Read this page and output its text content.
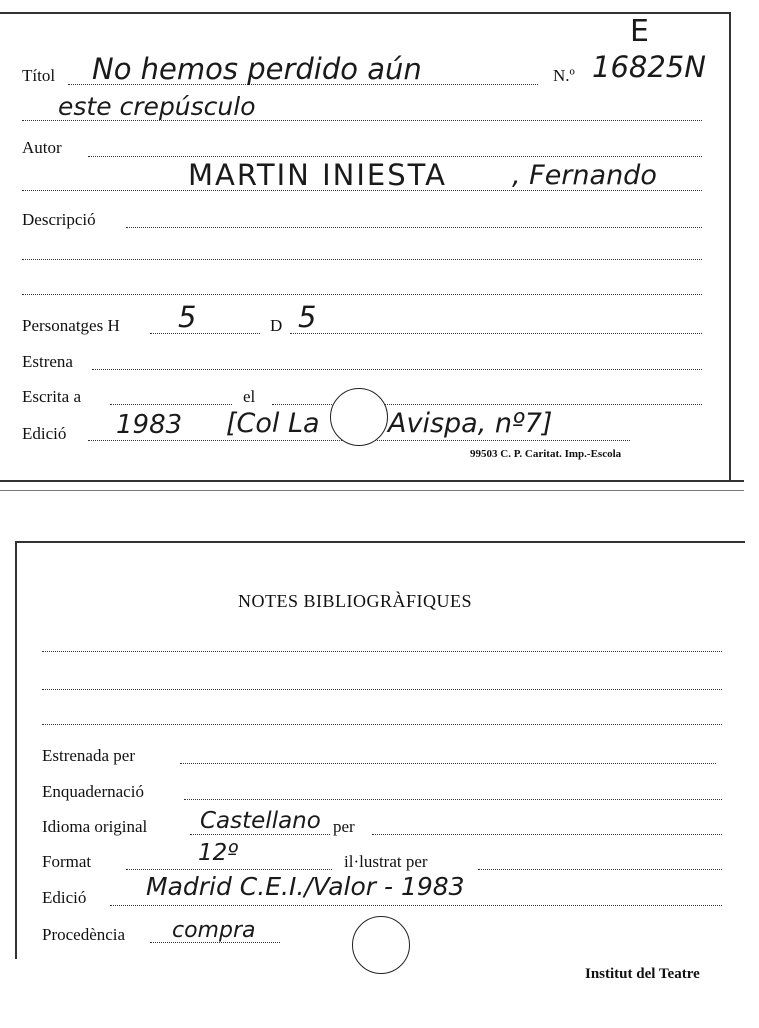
E
Títol No hemos perdido aún	N.º 16825N
este crepúsculo
Autor
MARTIN INIESTA , Fernando
Descripció
Personatges H 5	D 5
Estrena
Escrita a	el
Edició 1983 [Col La	Avispa, nº7]
99503 C. P. Caritat. Imp.-Escola
NOTES BIBLIOGRÀFIQUES
Estrenada per
Enquadernació
Idioma original Castellano per
Format	12º	il·lustrat per
Edició Madrid C.E.I./Valor - 1983
Procedència compra
Institut del Teatre
